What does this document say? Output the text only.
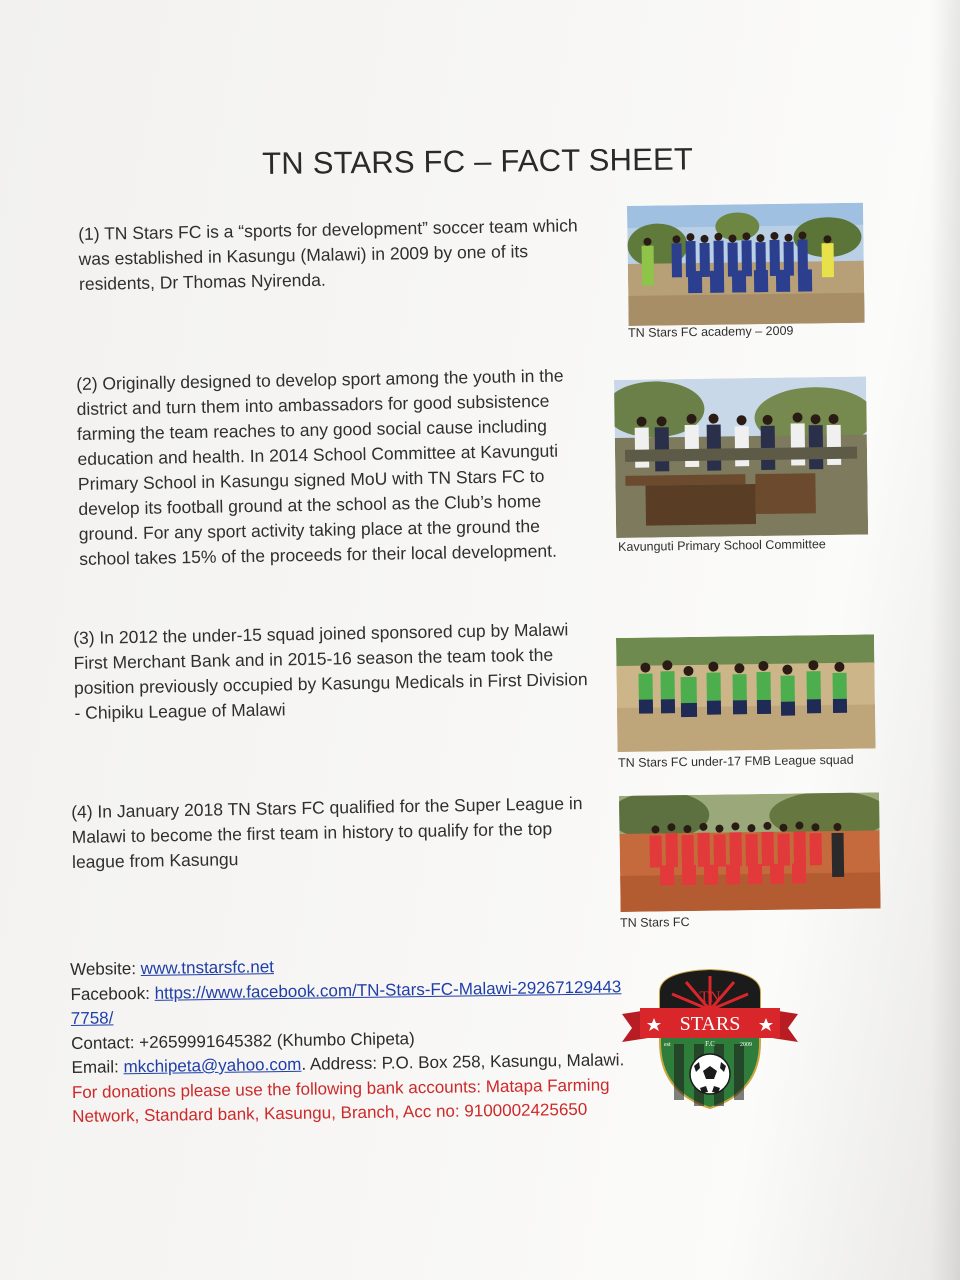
TN STARS FC – FACT SHEET
(1) TN Stars FC is a “sports for development” soccer team which was established in Kasungu (Malawi) in 2009 by one of its residents, Dr Thomas Nyirenda.
TN Stars FC academy – 2009
(2) Originally designed to develop sport among the youth in the district and turn them into ambassadors for good subsistence farming the team reaches to any good social cause including education and health. In 2014 School Committee at Kavunguti Primary School in Kasungu signed MoU with TN Stars FC to develop its football ground at the school as the Club’s home ground. For any sport activity taking place at the ground the school takes 15% of the proceeds for their local development.	Kavunguti Primary School Committee
(3) In 2012 the under-15 squad joined sponsored cup by Malawi First Merchant Bank and in 2015-16 season the team took the position previously occupied by Kasungu Medicals in First Division - Chipiku League of Malawi
TN Stars FC under-17 FMB League squad
(4) In January 2018 TN Stars FC qualified for the Super League in Malawi to become the first team in history to qualify for the top league from Kasungu
TN Stars FC
Website: www.tnstarsfc.net
Facebook: https://www.facebook.com/TN-Stars-FC-Malawi-292671294437758/
Contact: +2659991645382 (Khumbo Chipeta)
Email: mkchipeta@yahoo.com. Address: P.O. Box 258, Kasungu, Malawi. For donations please use the following bank accounts: Matapa Farming Network, Standard bank, Kasungu, Branch, Acc no: 9100002425650
STARS
TN
F.C
est	2009
